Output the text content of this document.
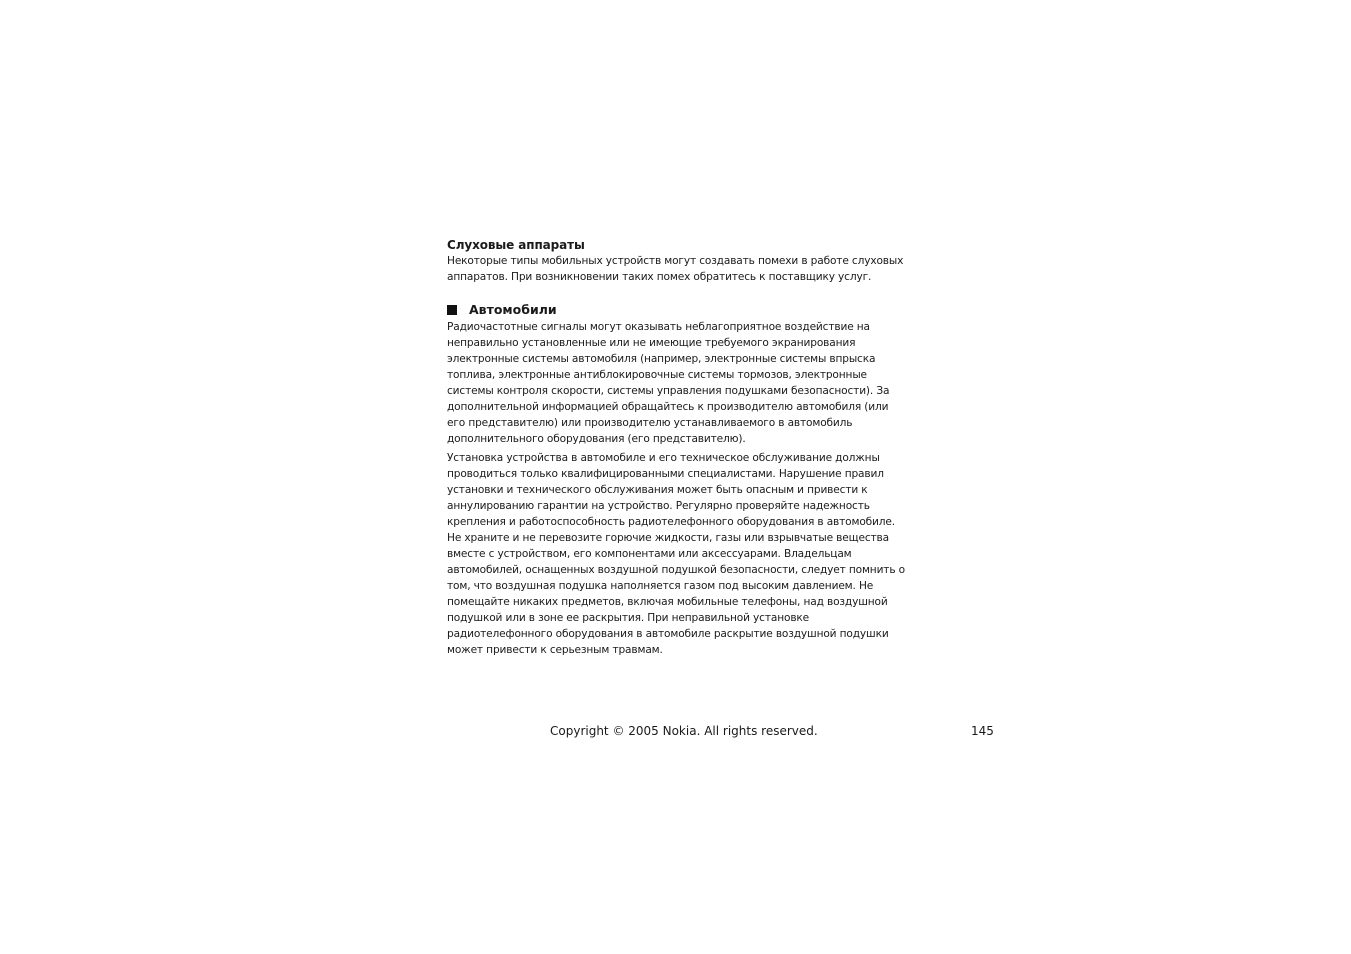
Слуховые аппараты

Некоторые типы мобильных устройств могут создавать помехи в работе слуховых аппаратов. При возникновении таких помех обратитесь к поставщику услуг.

Автомобили

Радиочастотные сигналы могут оказывать неблагоприятное воздействие на неправильно установленные или не имеющие требуемого экранирования электронные системы автомобиля (например, электронные системы впрыска топлива, электронные антиблокировочные системы тормозов, электронные системы контроля скорости, системы управления подушками безопасности). За дополнительной информацией обращайтесь к производителю автомобиля (или его представителю) или производителю устанавливаемого в автомобиль дополнительного оборудования (его представителю).

Установка устройства в автомобиле и его техническое обслуживание должны проводиться только квалифицированными специалистами. Нарушение правил установки и технического обслуживания может быть опасным и привести к аннулированию гарантии на устройство. Регулярно проверяйте надежность крепления и работоспособность радиотелефонного оборудования в автомобиле. Не храните и не перевозите горючие жидкости, газы или взрывчатые вещества вместе с устройством, его компонентами или аксессуарами. Владельцам автомобилей, оснащенных воздушной подушкой безопасности, следует помнить о том, что воздушная подушка наполняется газом под высоким давлением. Не помещайте никаких предметов, включая мобильные телефоны, над воздушной подушкой или в зоне ее раскрытия. При неправильной установке радиотелефонного оборудования в автомобиле раскрытие воздушной подушки может привести к серьезным травмам.

Copyright © 2005 Nokia. All rights reserved.	145
